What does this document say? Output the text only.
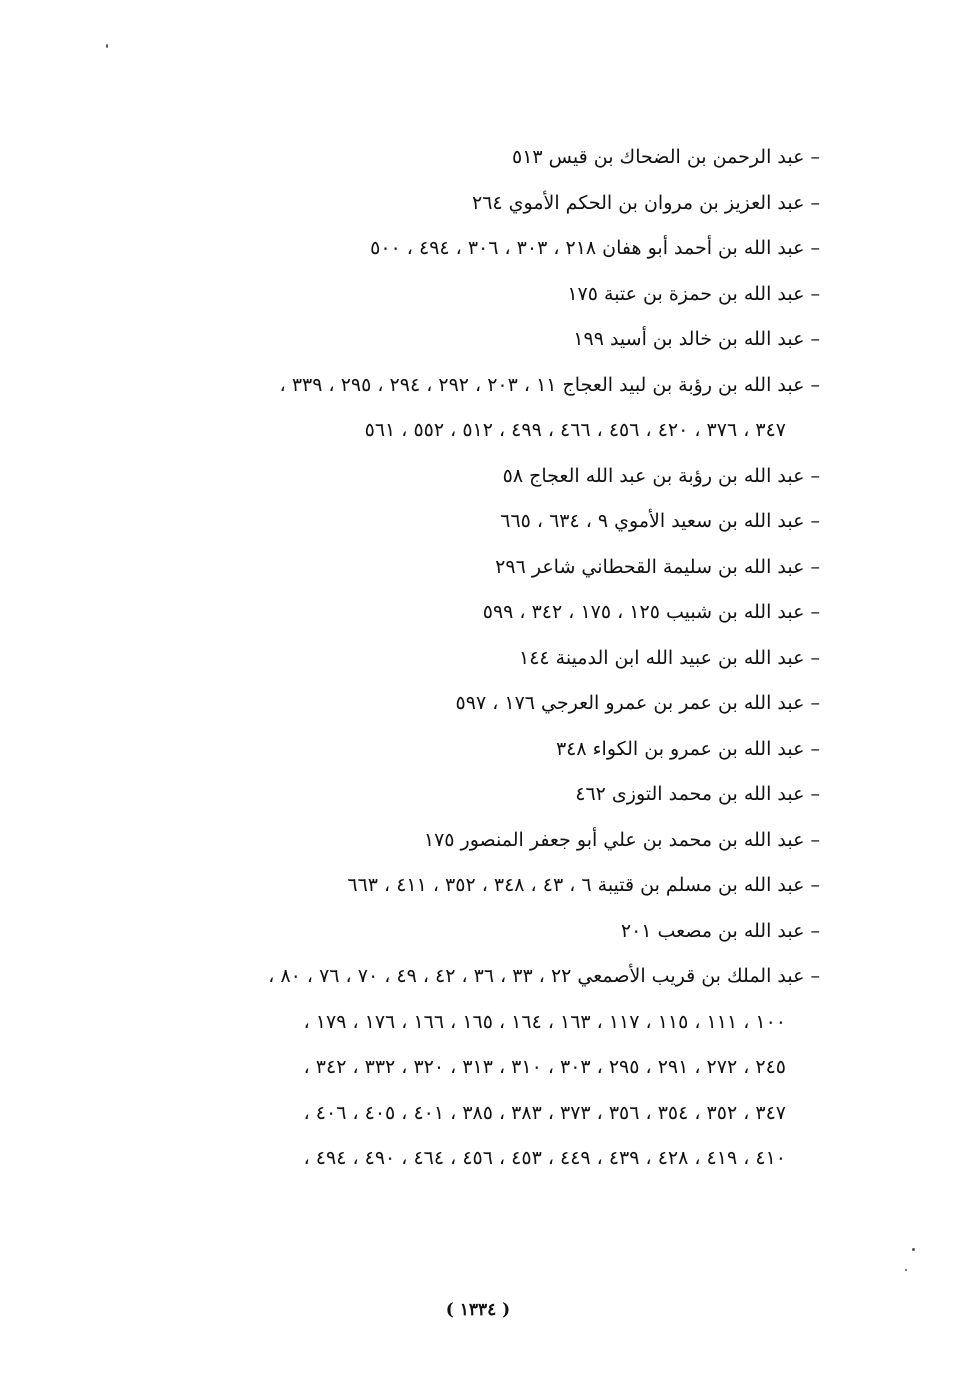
– عبد الرحمن بن الضحاك بن قيس ٥١٣
– عبد العزيز بن مروان بن الحكم الأموي ٢٦٤
– عبد الله بن أحمد أبو هفان ٢١٨ ، ٣٠٣ ، ٣٠٦ ، ٤٩٤ ، ٥٠٠
– عبد الله بن حمزة بن عتبة ١٧٥
– عبد الله بن خالد بن أسيد ١٩٩
– عبد الله بن رؤبة بن لبيد العجاج ١١ ، ٢٠٣ ، ٢٩٢ ، ٢٩٤ ، ٢٩٥ ، ٣٣٩ ،
٣٤٧ ، ٣٧٦ ، ٤٢٠ ، ٤٥٦ ، ٤٦٦ ، ٤٩٩ ، ٥١٢ ، ٥٥٢ ، ٥٦١
– عبد الله بن رؤبة بن عبد الله العجاج ٥٨
– عبد الله بن سعيد الأموي ٩ ، ٦٣٤ ، ٦٦٥
– عبد الله بن سليمة القحطاني شاعر ٢٩٦
– عبد الله بن شبيب ١٢٥ ، ١٧٥ ، ٣٤٢ ، ٥٩٩
– عبد الله بن عبيد الله ابن الدمينة ١٤٤
– عبد الله بن عمر بن عمرو العرجي ١٧٦ ، ٥٩٧
– عبد الله بن عمرو بن الكواء ٣٤٨
– عبد الله بن محمد التوزى ٤٦٢
– عبد الله بن محمد بن علي أبو جعفر المنصور ١٧٥
– عبد الله بن مسلم بن قتيبة ٦ ، ٤٣ ، ٣٤٨ ، ٣٥٢ ، ٤١١ ، ٦٦٣
– عبد الله بن مصعب ٢٠١
– عبد الملك بن قريب الأصمعي ٢٢ ، ٣٣ ، ٣٦ ، ٤٢ ، ٤٩ ، ٧٠ ، ٧٦ ، ٨٠ ،
١٠٠ ، ١١١ ، ١١٥ ، ١١٧ ، ١٦٣ ، ١٦٤ ، ١٦٥ ، ١٦٦ ، ١٧٦ ، ١٧٩ ،
٢٤٥ ، ٢٧٢ ، ٢٩١ ، ٢٩٥ ، ٣٠٣ ، ٣١٠ ، ٣١٣ ، ٣٢٠ ، ٣٣٢ ، ٣٤٢ ،
٣٤٧ ، ٣٥٢ ، ٣٥٤ ، ٣٥٦ ، ٣٧٣ ، ٣٨٣ ، ٣٨٥ ، ٤٠١ ، ٤٠٥ ، ٤٠٦ ،
٤١٠ ، ٤١٩ ، ٤٢٨ ، ٤٣٩ ، ٤٤٩ ، ٤٥٣ ، ٤٥٦ ، ٤٦٤ ، ٤٩٠ ، ٤٩٤ ،
( ١٣٣٤ )
